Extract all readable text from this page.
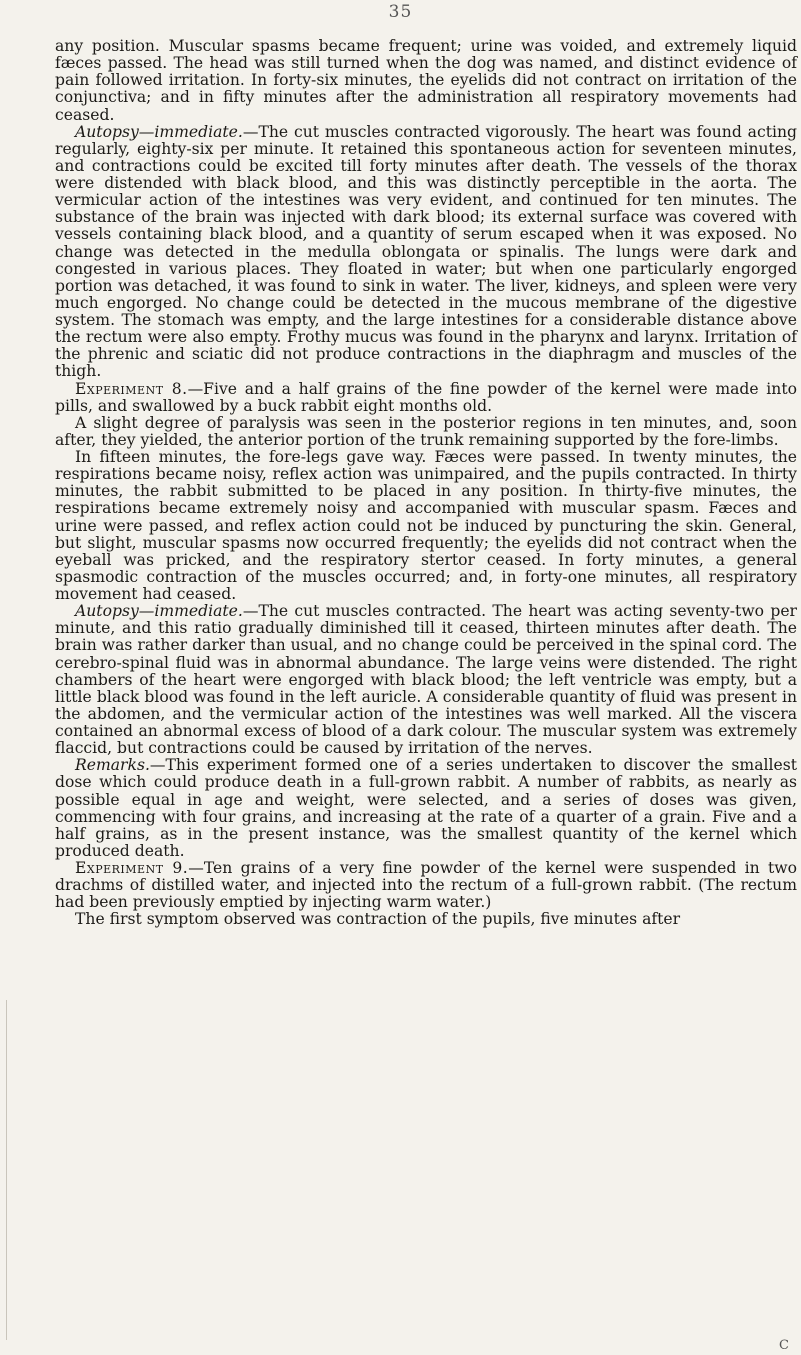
35

any position. Muscular spasms became frequent; urine was voided, and extremely liquid fæces passed. The head was still turned when the dog was named, and distinct evidence of pain followed irritation. In forty-six minutes, the eyelids did not contract on irritation of the conjunctiva; and in fifty minutes after the administration all respiratory movements had ceased.

Autopsy—immediate.—The cut muscles contracted vigorously. The heart was found acting regularly, eighty-six per minute. It retained this spontaneous action for seventeen minutes, and contractions could be excited till forty minutes after death. The vessels of the thorax were distended with black blood, and this was distinctly perceptible in the aorta. The vermicular action of the intestines was very evident, and continued for ten minutes. The substance of the brain was injected with dark blood; its external surface was covered with vessels containing black blood, and a quantity of serum escaped when it was exposed. No change was detected in the medulla oblongata or spinalis. The lungs were dark and congested in various places. They floated in water; but when one particularly engorged portion was detached, it was found to sink in water. The liver, kidneys, and spleen were very much engorged. No change could be detected in the mucous membrane of the digestive system. The stomach was empty, and the large intestines for a considerable distance above the rectum were also empty. Frothy mucus was found in the pharynx and larynx. Irritation of the phrenic and sciatic did not produce contractions in the diaphragm and muscles of the thigh.

Experiment 8.—Five and a half grains of the fine powder of the kernel were made into pills, and swallowed by a buck rabbit eight months old.

A slight degree of paralysis was seen in the posterior regions in ten minutes, and, soon after, they yielded, the anterior portion of the trunk remaining supported by the fore-limbs.

In fifteen minutes, the fore-legs gave way. Fæces were passed. In twenty minutes, the respirations became noisy, reflex action was unimpaired, and the pupils contracted. In thirty minutes, the rabbit submitted to be placed in any position. In thirty-five minutes, the respirations became extremely noisy and accompanied with muscular spasm. Fæces and urine were passed, and reflex action could not be induced by puncturing the skin. General, but slight, muscular spasms now occurred frequently; the eyelids did not contract when the eyeball was pricked, and the respiratory stertor ceased. In forty minutes, a general spasmodic contraction of the muscles occurred; and, in forty-one minutes, all respiratory movement had ceased.

Autopsy—immediate.—The cut muscles contracted. The heart was acting seventy-two per minute, and this ratio gradually diminished till it ceased, thirteen minutes after death. The brain was rather darker than usual, and no change could be perceived in the spinal cord. The cerebro-spinal fluid was in abnormal abundance. The large veins were distended. The right chambers of the heart were engorged with black blood; the left ventricle was empty, but a little black blood was found in the left auricle. A considerable quantity of fluid was present in the abdomen, and the vermicular action of the intestines was well marked. All the viscera contained an abnormal excess of blood of a dark colour. The muscular system was extremely flaccid, but contractions could be caused by irritation of the nerves.

Remarks.—This experiment formed one of a series undertaken to discover the smallest dose which could produce death in a full-grown rabbit. A number of rabbits, as nearly as possible equal in age and weight, were selected, and a series of doses was given, commencing with four grains, and increasing at the rate of a quarter of a grain. Five and a half grains, as in the present instance, was the smallest quantity of the kernel which produced death.

Experiment 9.—Ten grains of a very fine powder of the kernel were suspended in two drachms of distilled water, and injected into the rectum of a full-grown rabbit. (The rectum had been previously emptied by injecting warm water.)

The first symptom observed was contraction of the pupils, five minutes after

C
